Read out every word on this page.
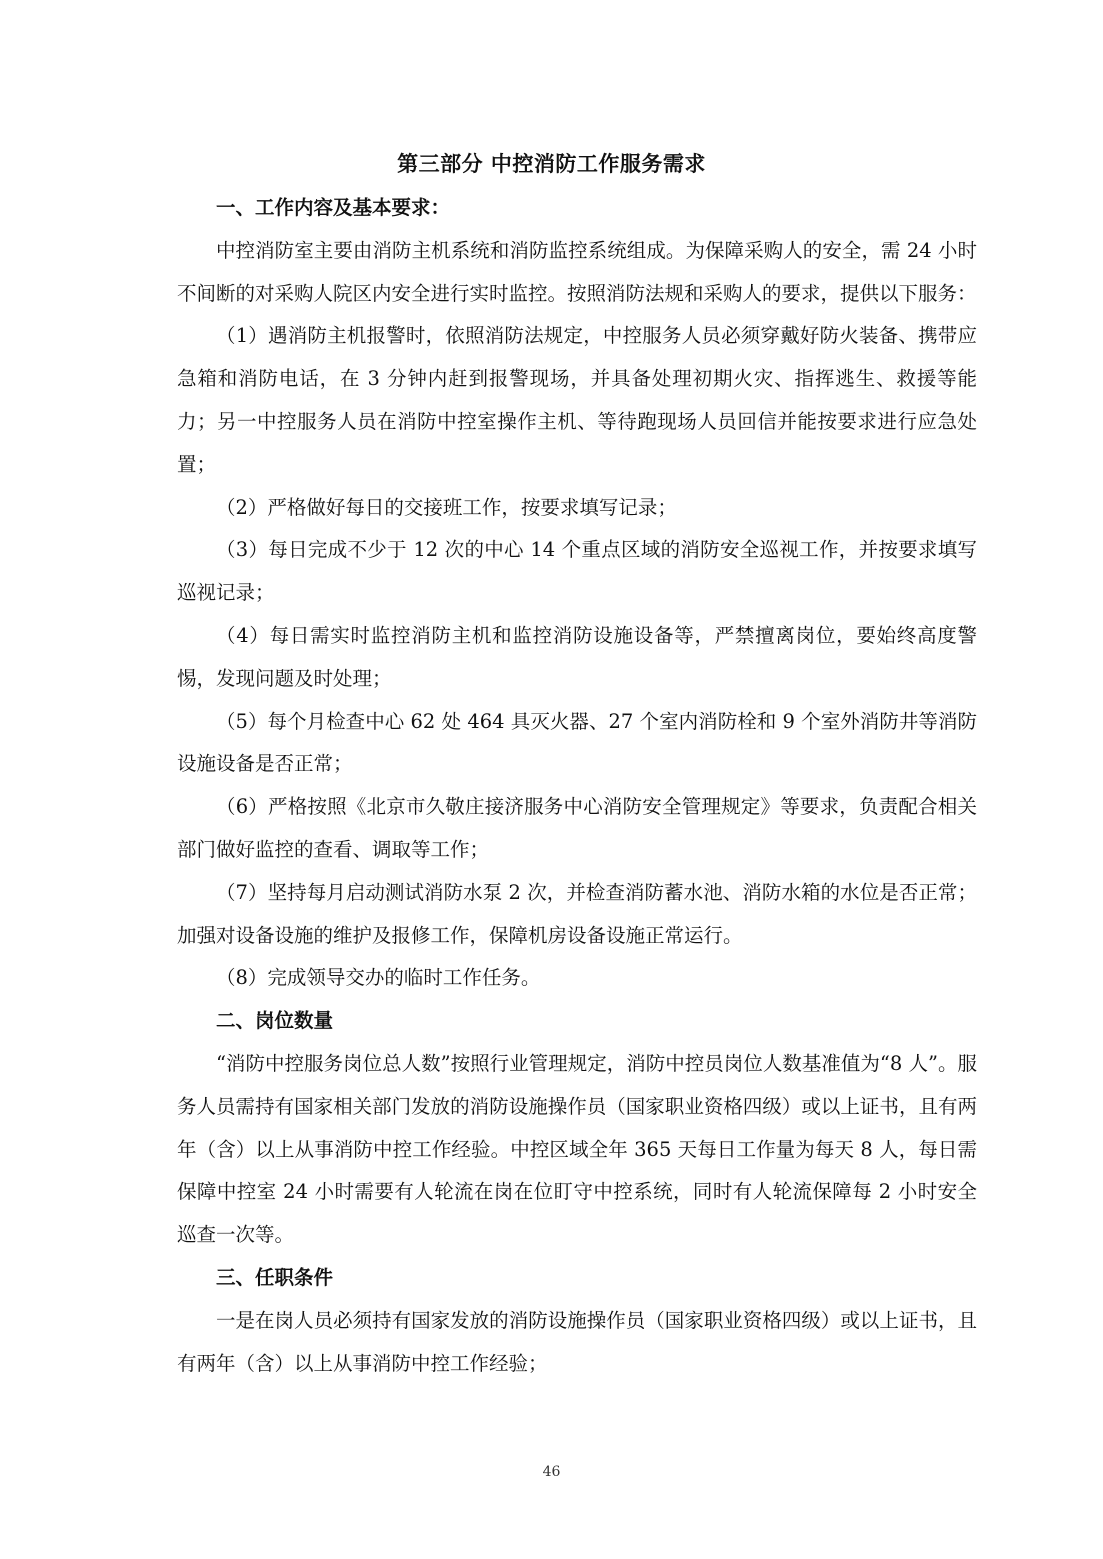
第三部分 中控消防工作服务需求

一、工作内容及基本要求：

中控消防室主要由消防主机系统和消防监控系统组成。为保障采购人的安全，需 24 小时不间断的对采购人院区内安全进行实时监控。按照消防法规和采购人的要求，提供以下服务：

（1）遇消防主机报警时，依照消防法规定，中控服务人员必须穿戴好防火装备、携带应急箱和消防电话，在 3 分钟内赶到报警现场，并具备处理初期火灾、指挥逃生、救援等能力；另一中控服务人员在消防中控室操作主机、等待跑现场人员回信并能按要求进行应急处置；

（2）严格做好每日的交接班工作，按要求填写记录；

（3）每日完成不少于 12 次的中心 14 个重点区域的消防安全巡视工作，并按要求填写巡视记录；

（4）每日需实时监控消防主机和监控消防设施设备等，严禁擅离岗位，要始终高度警惕，发现问题及时处理；

（5）每个月检查中心 62 处 464 具灭火器、27 个室内消防栓和 9 个室外消防井等消防设施设备是否正常；

（6）严格按照《北京市久敬庄接济服务中心消防安全管理规定》等要求，负责配合相关部门做好监控的查看、调取等工作；

（7）坚持每月启动测试消防水泵 2 次，并检查消防蓄水池、消防水箱的水位是否正常；加强对设备设施的维护及报修工作，保障机房设备设施正常运行。

（8）完成领导交办的临时工作任务。

二、岗位数量

“消防中控服务岗位总人数”按照行业管理规定，消防中控员岗位人数基准值为“8 人”。服务人员需持有国家相关部门发放的消防设施操作员（国家职业资格四级）或以上证书，且有两年（含）以上从事消防中控工作经验。中控区域全年 365 天每日工作量为每天 8 人，每日需保障中控室 24 小时需要有人轮流在岗在位盯守中控系统，同时有人轮流保障每 2 小时安全巡查一次等。

三、任职条件

一是在岗人员必须持有国家发放的消防设施操作员（国家职业资格四级）或以上证书，且有两年（含）以上从事消防中控工作经验；

46
